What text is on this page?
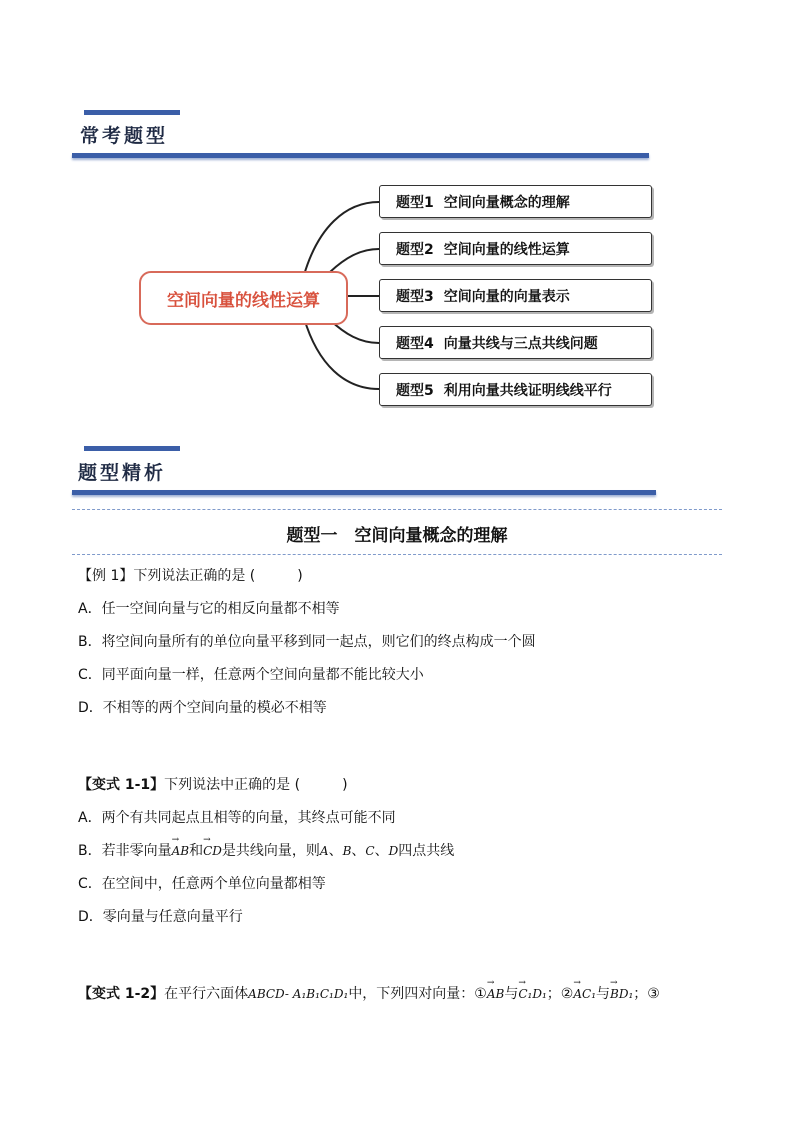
常考题型
空间向量的线性运算
题型1 空间向量概念的理解
题型2 空间向量的线性运算
题型3 空间向量的向量表示
题型4 向量共线与三点共线问题
题型5 利用向量共线证明线线平行
题型精析
题型一　空间向量概念的理解
【例 1】下列说法正确的是 (　　　)
A．任一空间向量与它的相反向量都不相等
B．将空间向量所有的单位向量平移到同一起点，则它们的终点构成一个圆
C．同平面向量一样，任意两个空间向量都不能比较大小
D．不相等的两个空间向量的模必不相等
【变式 1-1】下列说法中正确的是 (　　　)
A．两个有共同起点且相等的向量，其终点可能不同
B．若非零向量→ AB和→ CD是共线向量，则A、B、C、D四点共线
C．在空间中，任意两个单位向量都相等
D．零向量与任意向量平行
【变式 1-2】在平行六面体ABCD- A₁B₁C₁D₁中，下列四对向量：①→ AB与→ C₁D₁；②→ AC₁与→ BD₁；③
